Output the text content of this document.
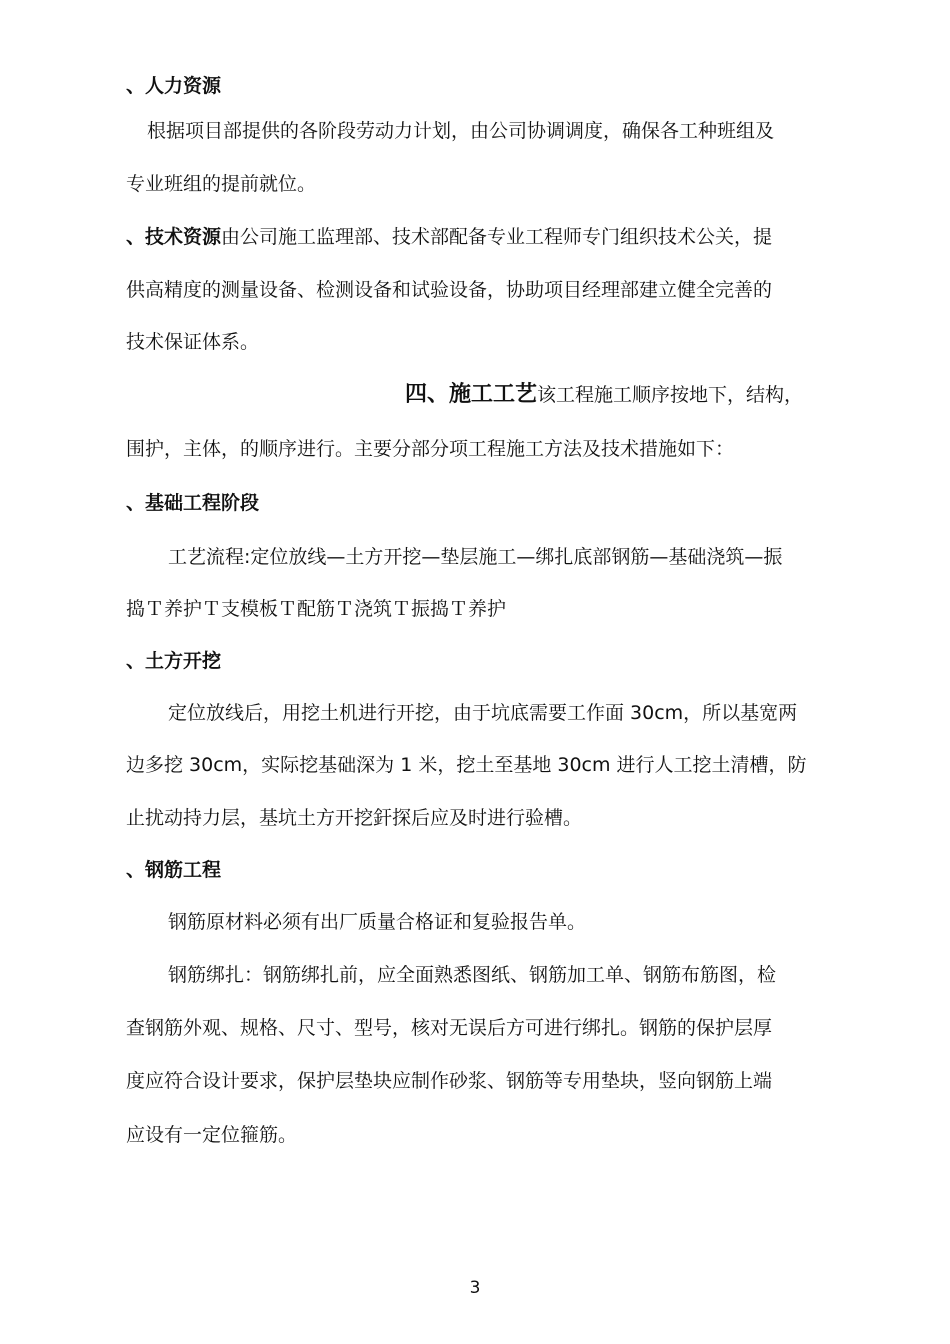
、人力资源
根据项目部提供的各阶段劳动力计划，由公司协调调度，确保各工种班组及
专业班组的提前就位。
、技术资源由公司施工监理部、技术部配备专业工程师专门组织技术公关，提
供高精度的测量设备、检测设备和试验设备，协助项目经理部建立健全完善的
技术保证体系。
四、施工工艺该工程施工顺序按地下，结构，
围护，主体，的顺序进行。主要分部分项工程施工方法及技术措施如下：
、基础工程阶段
工艺流程:定位放线—土方开挖—垫层施工—绑扎底部钢筋—基础浇筑—振
捣Ｔ养护Ｔ支模板Ｔ配筋Ｔ浇筑Ｔ振捣Ｔ养护
、土方开挖
定位放线后，用挖土机进行开挖，由于坑底需要工作面 30cm，所以基宽两
边多挖 30cm，实际挖基础深为 1 米，挖土至基地 30cm 进行人工挖土清槽，防
止扰动持力层，基坑土方开挖釬探后应及时进行验槽。
、钢筋工程
钢筋原材料必须有出厂质量合格证和复验报告单。
钢筋绑扎：钢筋绑扎前，应全面熟悉图纸、钢筋加工单、钢筋布筋图，检
查钢筋外观、规格、尺寸、型号，核对无误后方可进行绑扎。钢筋的保护层厚
度应符合设计要求，保护层垫块应制作砂浆、钢筋等专用垫块，竖向钢筋上端
应设有一定位箍筋。
3
